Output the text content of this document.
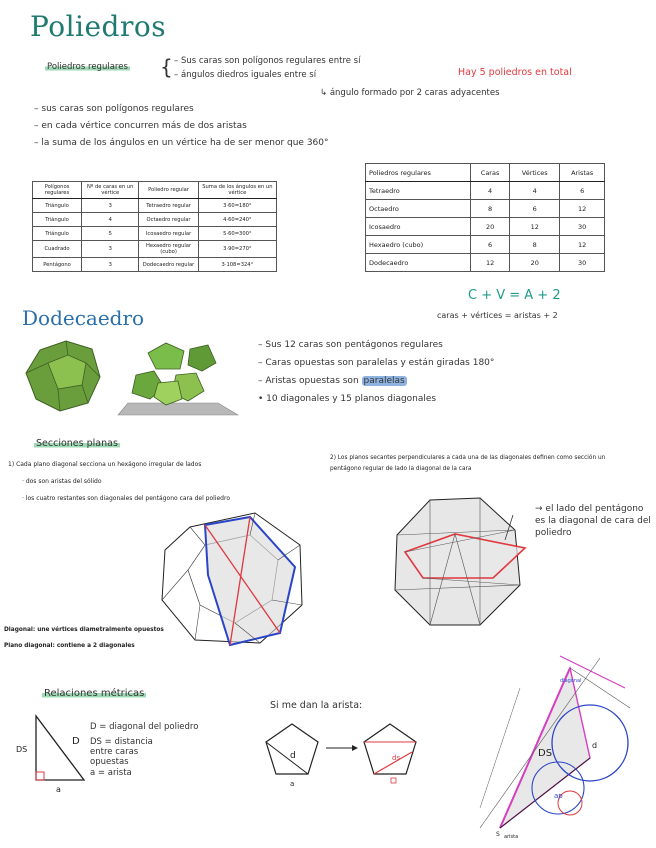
Poliedros
Poliedros regulares { – Sus caras son polígonos regulares entre sí
– ángulos diedros iguales entre sí
↳ ángulo formado por 2 caras adyacentes
Hay 5 poliedros en total
– sus caras son polígonos regulares
– en cada vértice concurren más de dos aristas
– la suma de los ángulos en un vértice ha de ser menor que 360°
Polígonos regulares	Nº de caras en un vértice	Poliedro regular	Suma de los ángulos en un vértice
Triángulo	3	Tetraedro regular	3·60=180°
Triángulo	4	Octaedro regular	4·60=240°
Triángulo	5	Icosaedro regular	5·60=300°
Cuadrado	3	Hexaedro regular (cubo)	3·90=270°
Pentágono	3	Dodecaedro regular	3·108=324°
Poliedros regulares	Caras	Vértices	Aristas
Tetraedro	4	4	6
Octaedro	8	6	12
Icosaedro	20	12	30
Hexaedro (cubo)	6	8	12
Dodecaedro	12	20	30
C + V = A + 2
caras + vértices = aristas + 2
Dodecaedro
– Sus 12 caras son pentágonos regulares
– Caras opuestas son paralelas y están giradas 180°
– Aristas opuestas son paralelas
• 10 diagonales y 15 planos diagonales
Secciones planas
1) Cada plano diagonal secciona un hexágono irregular de lados
· dos son aristas del sólido
· los cuatro restantes son diagonales del pentágono cara del poliedro
2) Los planos secantes perpendiculares a cada una de las diagonales definen como sección un pentágono regular de lado la diagonal de la cara
Diagonal: une vértices diametralmente opuestos
Plano diagonal: contiene a 2 diagonales
→ el lado del pentágono es la diagonal de cara del poliedro
Relaciones métricas
D
DS
a
D = diagonal del poliedro
DS = distancia entre caras opuestas
a = arista
Si me dan la arista:
d
a
ds	DS
d
ap
S arista
diagonal
